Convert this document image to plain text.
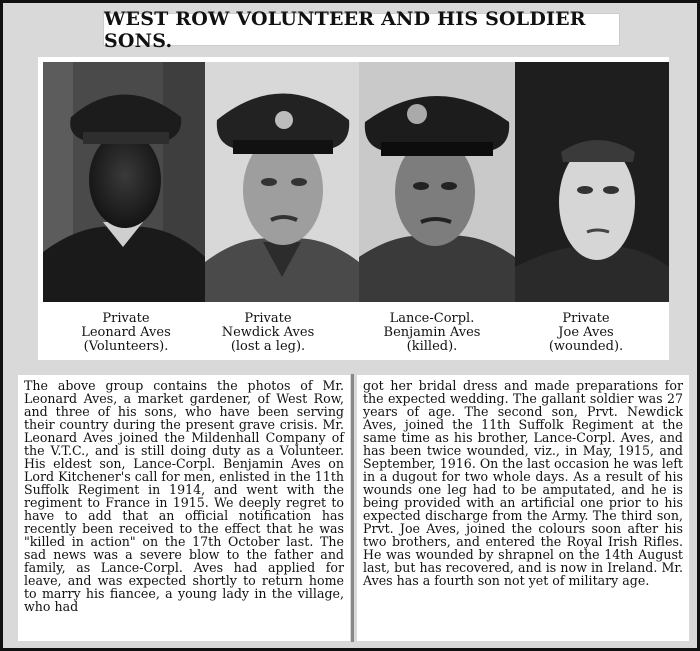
WEST ROW VOLUNTEER AND HIS SOLDIER SONS.
Private
Leonard Aves
(Volunteers).
Private
Newdick Aves
(lost a leg).
Lance-Corpl.
Benjamin Aves
(killed).
Private
Joe Aves
(wounded).

The above group contains the photos of Mr. Leonard Aves, a market gardener, of West Row, and three of his sons, who have been serving their country during the present grave crisis. Mr. Leonard Aves joined the Mildenhall Company of the V.T.C., and is still doing duty as a Volunteer. His eldest son, Lance-Corpl. Benjamin Aves on Lord Kitchener's call for men, enlisted in the 11th Suffolk Regiment in 1914, and went with the regiment to France in 1915. We deeply regret to have to add that an official notification has recently been received to the effect that he was "killed in action" on the 17th October last. The sad news was a severe blow to the father and family, as Lance-Corpl. Aves had applied for leave, and was expected shortly to return home to marry his fiancee, a young lady in the village, who had

got her bridal dress and made preparations for the expected wedding. The gallant soldier was 27 years of age. The second son, Prvt. Newdick Aves, joined the 11th Suffolk Regiment at the same time as his brother, Lance-Corpl. Aves, and has been twice wounded, viz., in May, 1915, and September, 1916. On the last occasion he was left in a dugout for two whole days. As a result of his wounds one leg had to be amputated, and he is being provided with an artificial one prior to his expected discharge from the Army. The third son, Prvt. Joe Aves, joined the colours soon after his two brothers, and entered the Royal Irish Rifles. He was wounded by shrapnel on the 14th August last, but has recovered, and is now in Ireland. Mr. Aves has a fourth son not yet of military age.
